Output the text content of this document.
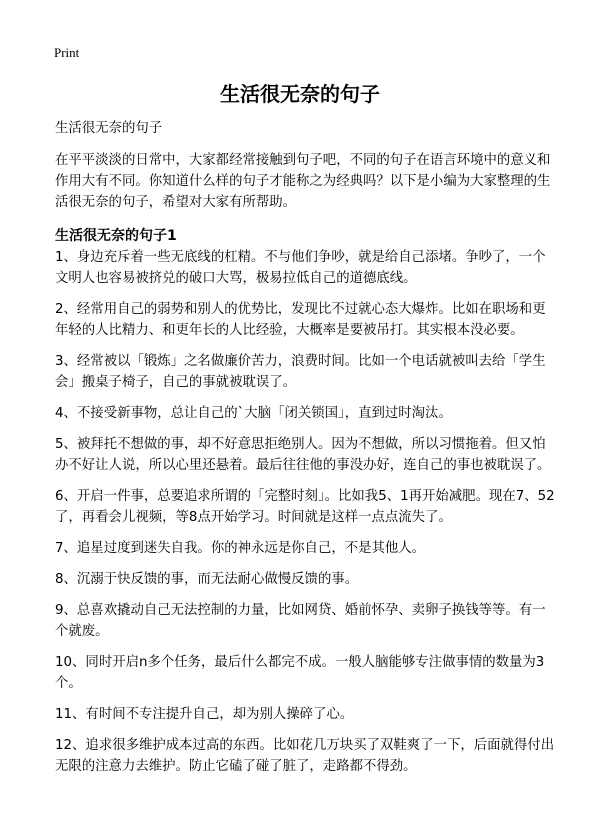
Print
生活很无奈的句子

生活很无奈的句子

在平平淡淡的日常中，大家都经常接触到句子吧，不同的句子在语言环境中的意义和作用大有不同。你知道什么样的句子才能称之为经典吗？以下是小编为大家整理的生活很无奈的句子，希望对大家有所帮助。

生活很无奈的句子1

1、身边充斥着一些无底线的杠精。不与他们争吵，就是给自己添堵。争吵了，一个文明人也容易被挤兑的破口大骂，极易拉低自己的道德底线。

2、经常用自己的弱势和别人的优势比，发现比不过就心态大爆炸。比如在职场和更年轻的人比精力、和更年长的人比经验，大概率是要被吊打。其实根本没必要。

3、经常被以「锻炼」之名做廉价苦力，浪费时间。比如一个电话就被叫去给「学生会」搬桌子椅子，自己的事就被耽误了。

4、不接受新事物，总让自己的`大脑「闭关锁国」，直到过时淘汰。

5、被拜托不想做的事，却不好意思拒绝别人。因为不想做，所以习惯拖着。但又怕办不好让人说，所以心里还悬着。最后往往他的事没办好，连自己的事也被耽误了。

6、开启一件事，总要追求所谓的「完整时刻」。比如我5、1再开始减肥。现在7、52了，再看会儿视频，等8点开始学习。时间就是这样一点点流失了。

7、追星过度到迷失自我。你的神永远是你自己，不是其他人。

8、沉溺于快反馈的事，而无法耐心做慢反馈的事。

9、总喜欢撬动自己无法控制的力量，比如网贷、婚前怀孕、卖卵子换钱等等。有一个就废。

10、同时开启n多个任务，最后什么都完不成。一般人脑能够专注做事情的数量为3个。

11、有时间不专注提升自己，却为别人操碎了心。

12、追求很多维护成本过高的东西。比如花几万块买了双鞋爽了一下，后面就得付出无限的注意力去维护。防止它磕了碰了脏了，走路都不得劲。
